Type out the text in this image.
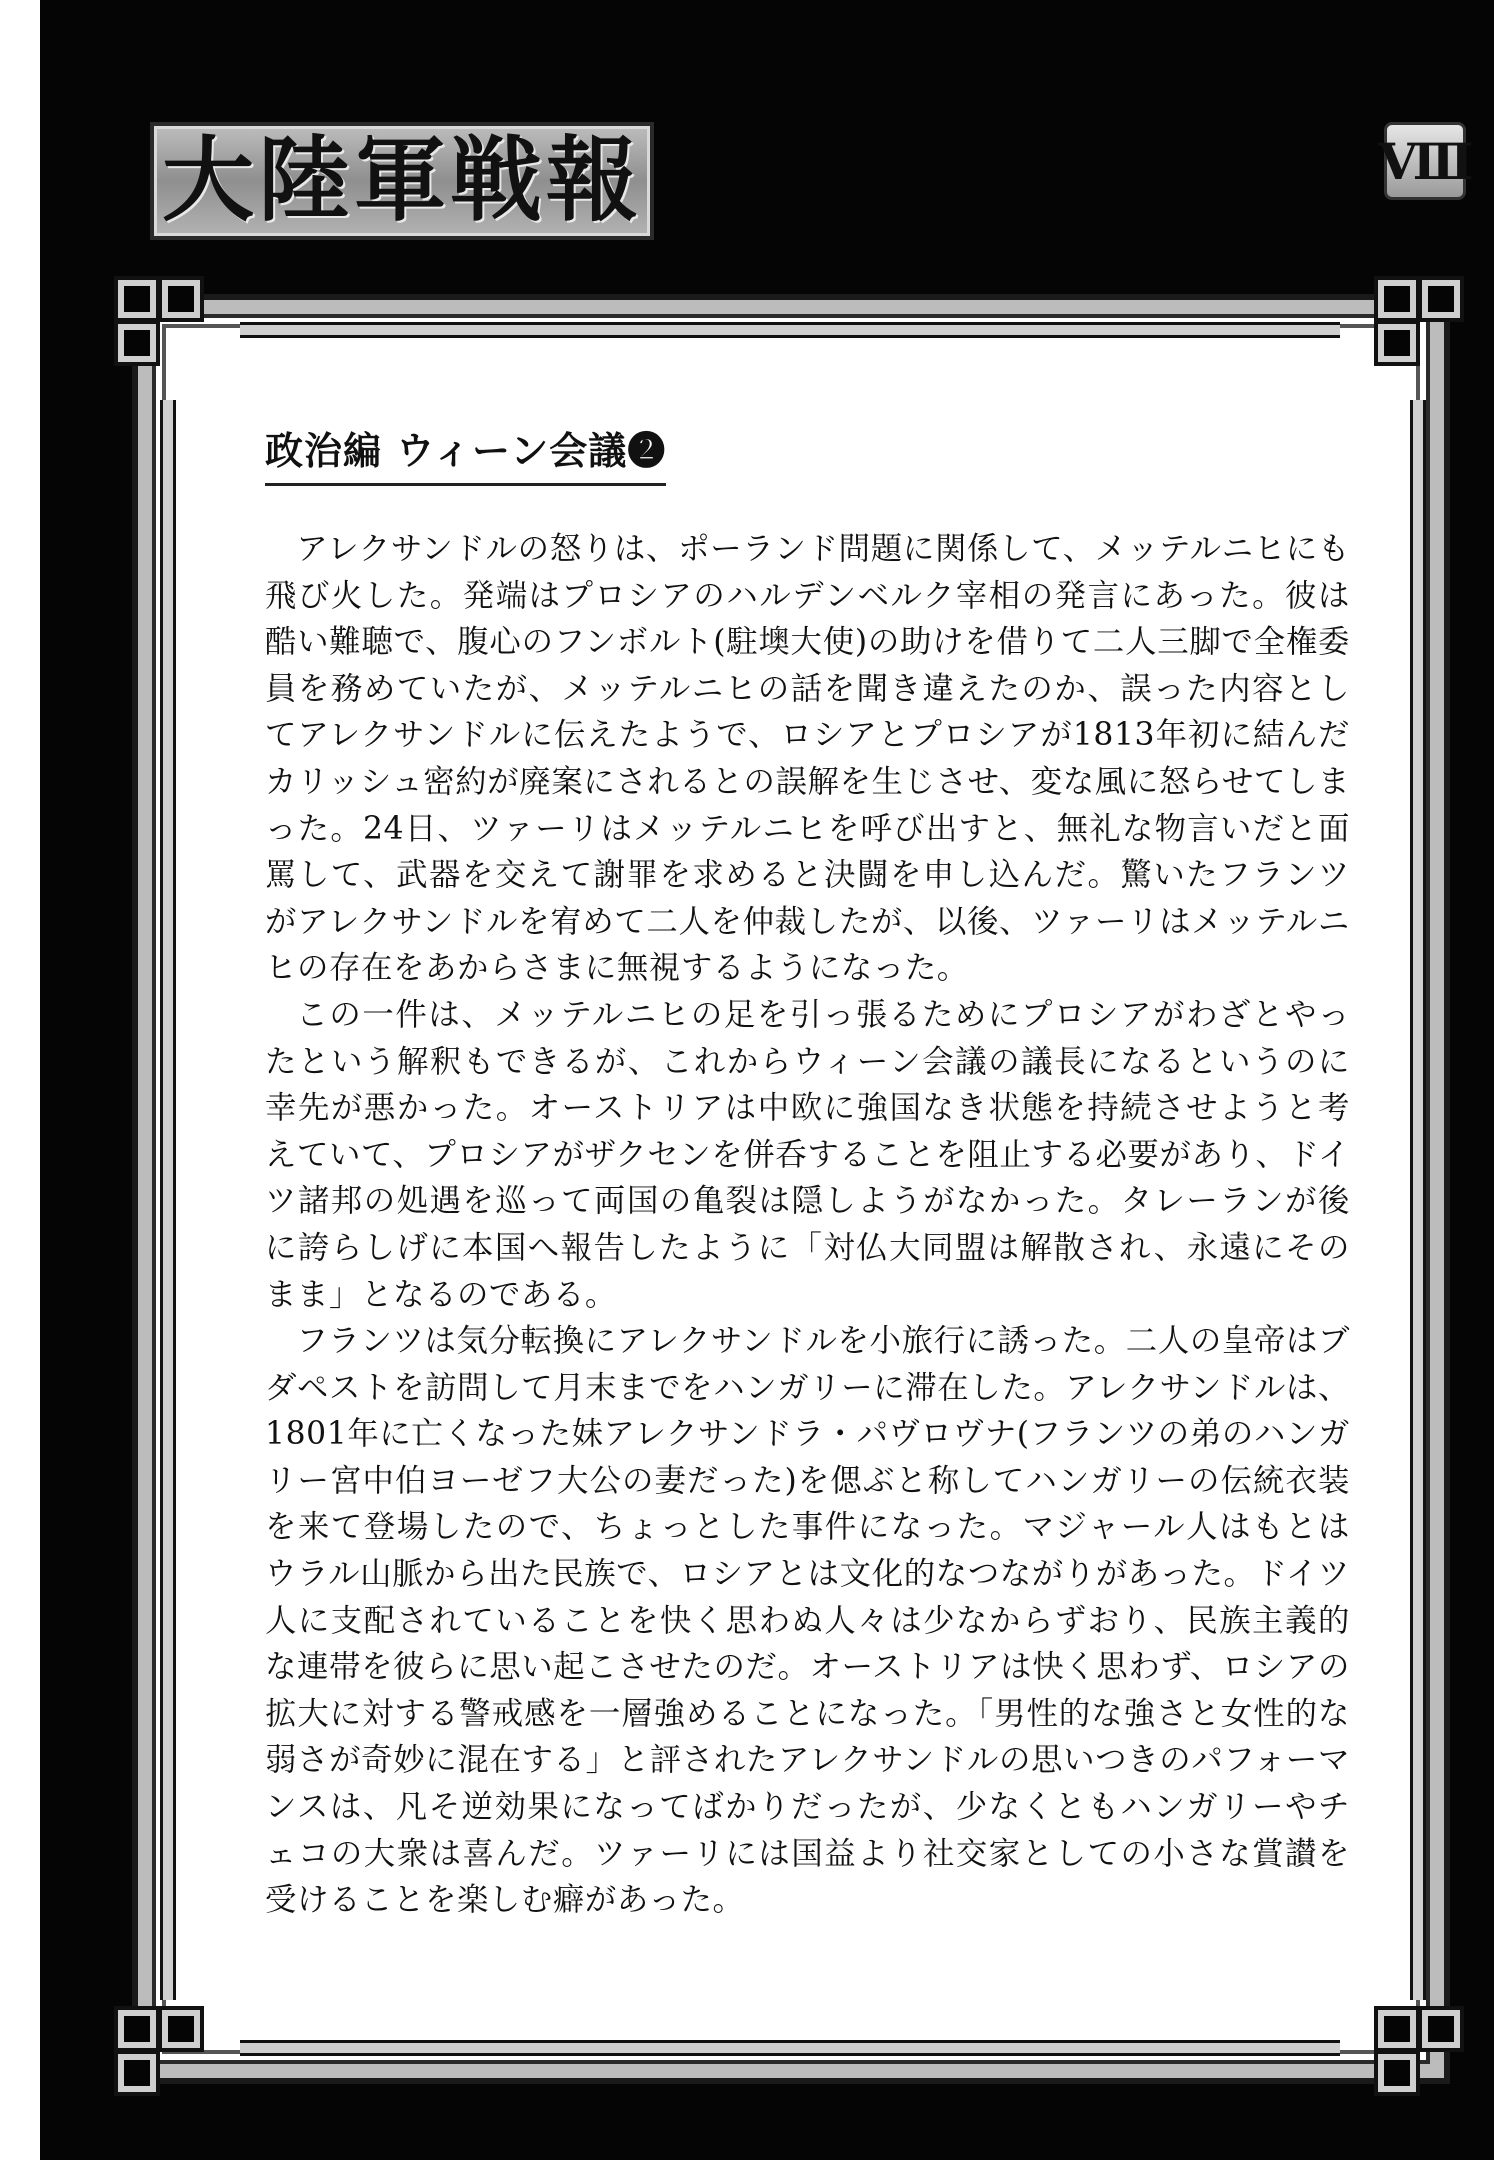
大陸軍戦報	Ⅷ
政治編 ウィーン会議❷

アレクサンドルの怒りは、ポーランド問題に関係して、メッテルニヒにも飛び火した。発端はプロシアのハルデンベルク宰相の発言にあった。彼は酷い難聴で、腹心のフンボルト(駐墺大使)の助けを借りて二人三脚で全権委員を務めていたが、メッテルニヒの話を聞き違えたのか、誤った内容としてアレクサンドルに伝えたようで、ロシアとプロシアが1813年初に結んだカリッシュ密約が廃案にされるとの誤解を生じさせ、変な風に怒らせてしまった。24日、ツァーリはメッテルニヒを呼び出すと、無礼な物言いだと面罵して、武器を交えて謝罪を求めると決闘を申し込んだ。驚いたフランツがアレクサンドルを宥めて二人を仲裁したが、以後、ツァーリはメッテルニヒの存在をあからさまに無視するようになった。

この一件は、メッテルニヒの足を引っ張るためにプロシアがわざとやったという解釈もできるが、これからウィーン会議の議長になるというのに幸先が悪かった。オーストリアは中欧に強国なき状態を持続させようと考えていて、プロシアがザクセンを併呑することを阻止する必要があり、ドイツ諸邦の処遇を巡って両国の亀裂は隠しようがなかった。タレーランが後に誇らしげに本国へ報告したように「対仏大同盟は解散され、永遠にそのまま」となるのである。

フランツは気分転換にアレクサンドルを小旅行に誘った。二人の皇帝はブダペストを訪問して月末までをハンガリーに滞在した。アレクサンドルは、1801年に亡くなった妹アレクサンドラ・パヴロヴナ(フランツの弟のハンガリー宮中伯ヨーゼフ大公の妻だった)を偲ぶと称してハンガリーの伝統衣装を来て登場したので、ちょっとした事件になった。マジャール人はもとはウラル山脈から出た民族で、ロシアとは文化的なつながりがあった。ドイツ人に支配されていることを快く思わぬ人々は少なからずおり、民族主義的な連帯を彼らに思い起こさせたのだ。オーストリアは快く思わず、ロシアの拡大に対する警戒感を一層強めることになった。「男性的な強さと女性的な弱さが奇妙に混在する」と評されたアレクサンドルの思いつきのパフォーマンスは、凡そ逆効果になってばかりだったが、少なくともハンガリーやチェコの大衆は喜んだ。ツァーリには国益より社交家としての小さな賞讃を受けることを楽しむ癖があった。
